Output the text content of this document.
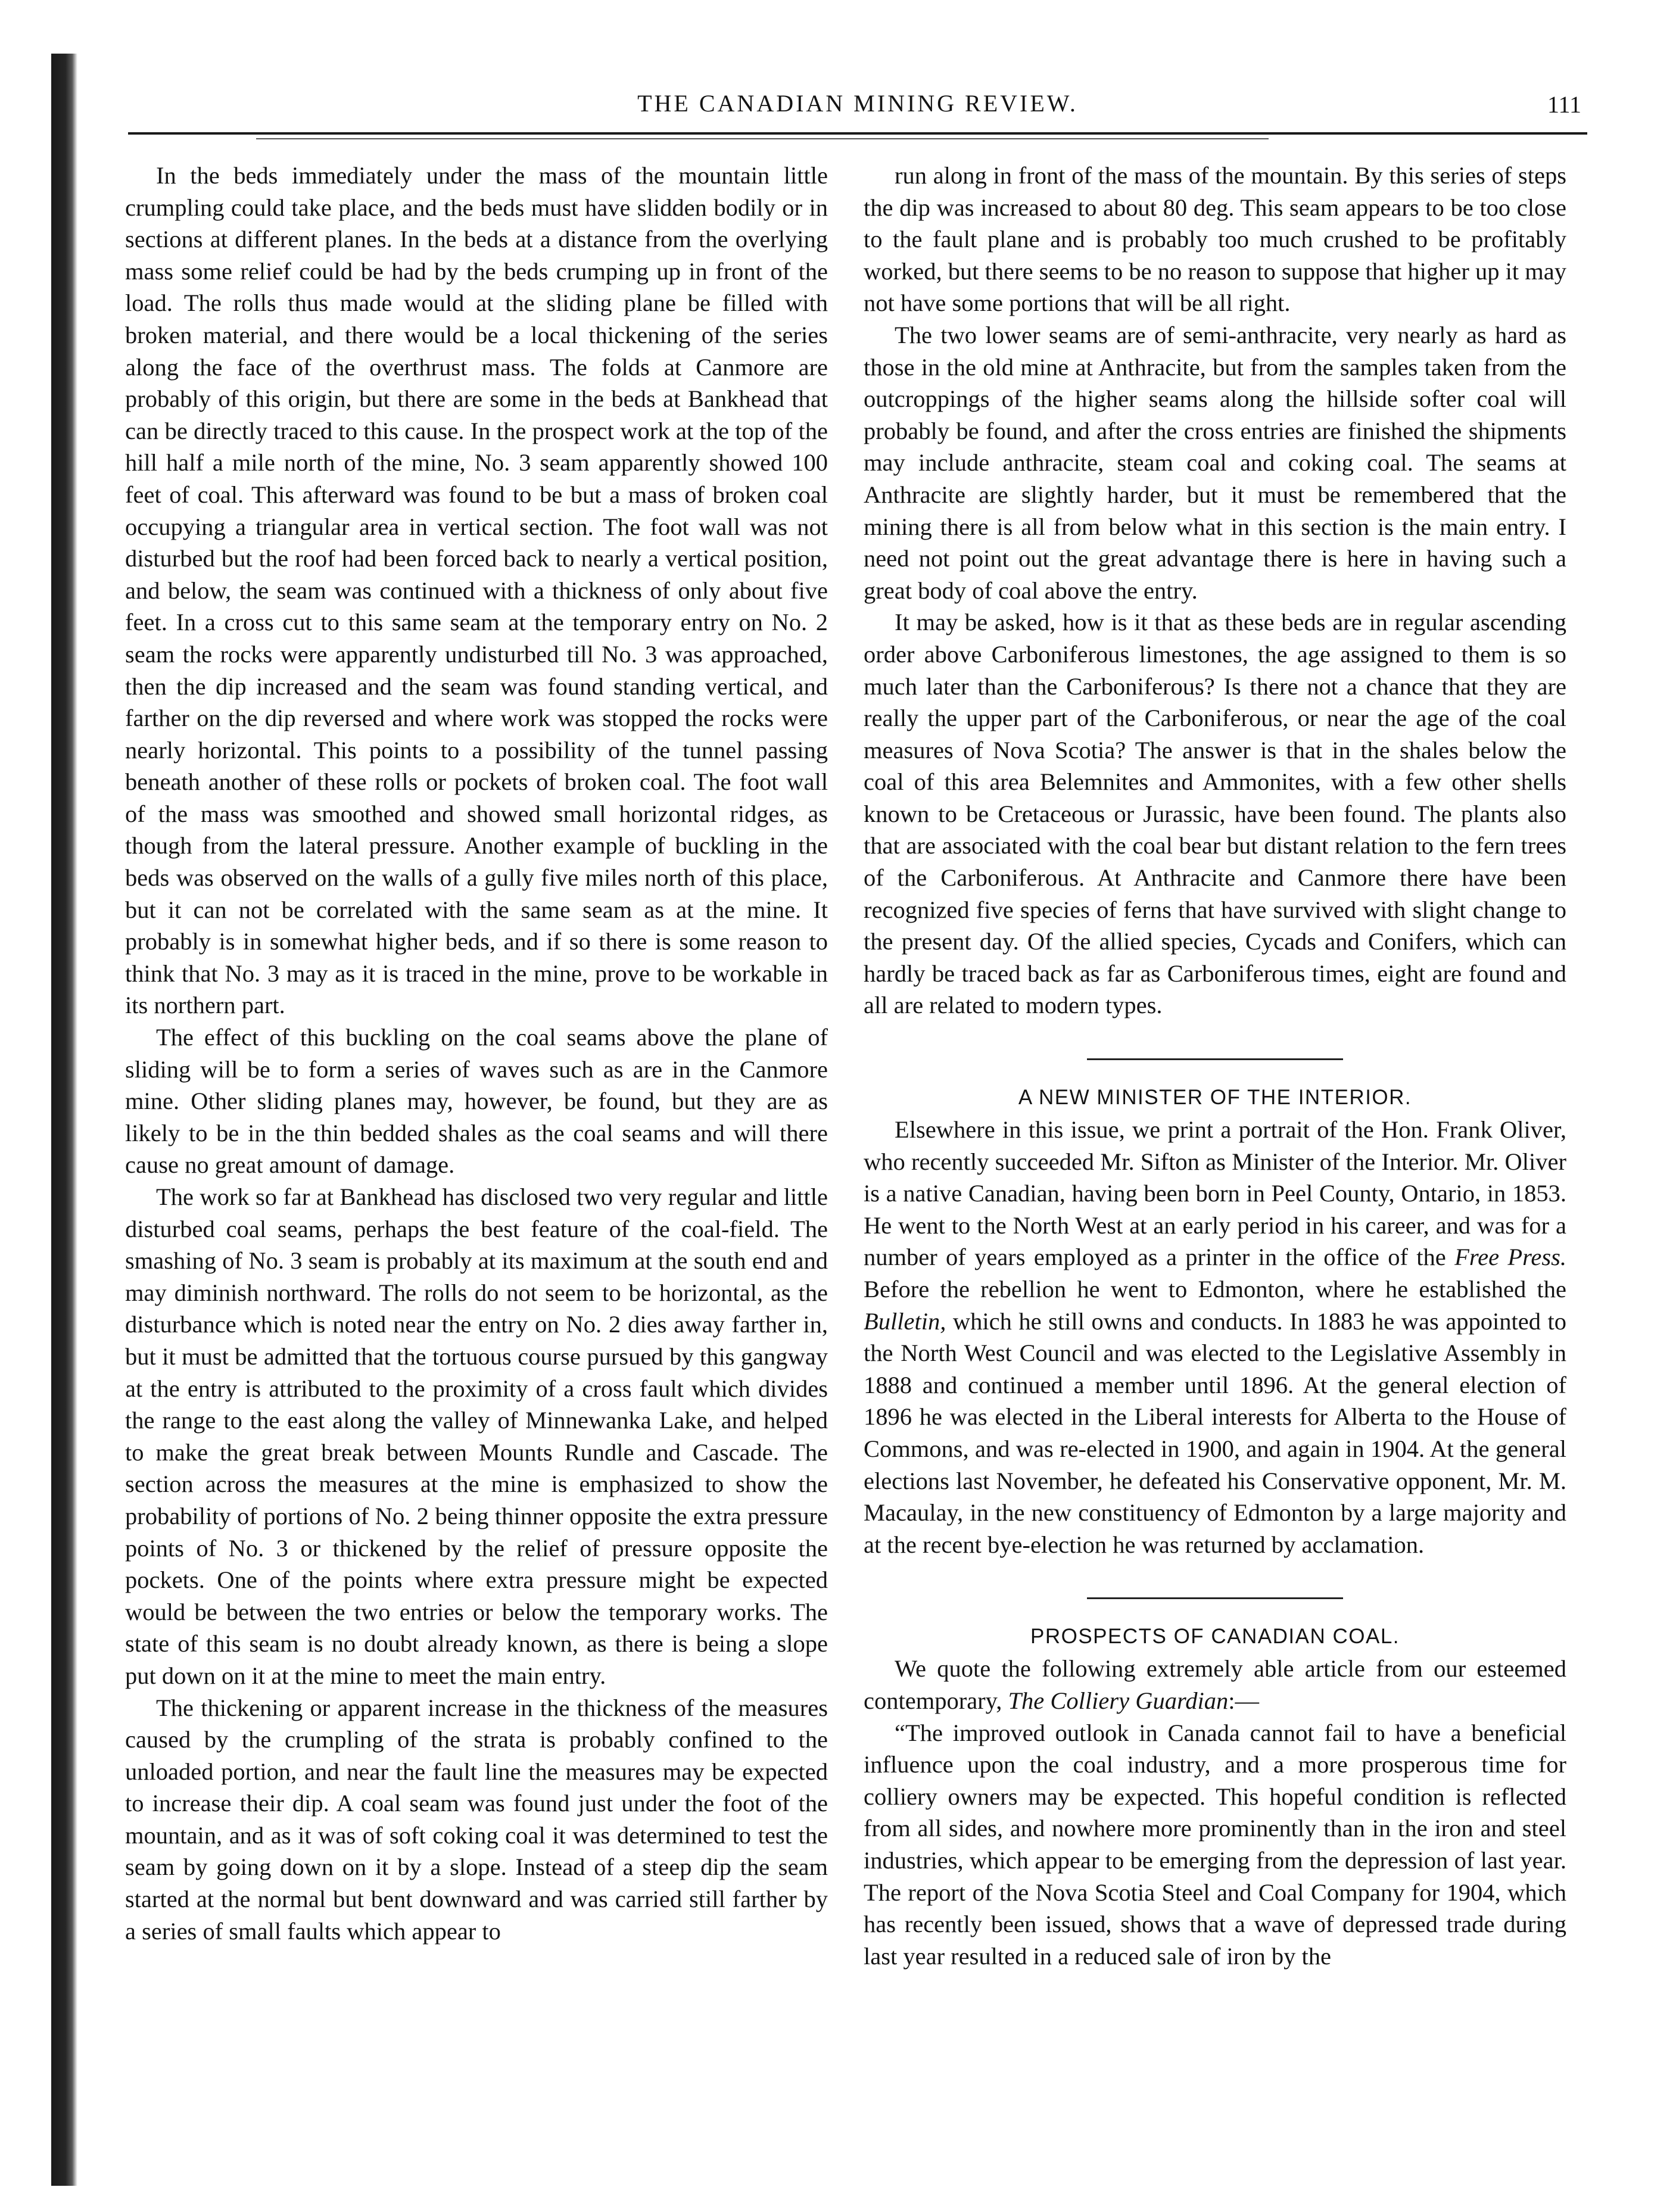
THE CANADIAN MINING REVIEW.	111

In the beds immediately under the mass of the mountain little crumpling could take place, and the beds must have slidden bodily or in sections at different planes. In the beds at a distance from the overlying mass some relief could be had by the beds crumping up in front of the load. The rolls thus made would at the sliding plane be filled with broken material, and there would be a local thickening of the series along the face of the overthrust mass. The folds at Canmore are probably of this origin, but there are some in the beds at Bankhead that can be directly traced to this cause. In the prospect work at the top of the hill half a mile north of the mine, No. 3 seam apparently showed 100 feet of coal. This afterward was found to be but a mass of broken coal occupying a triangular area in vertical section. The foot wall was not disturbed but the roof had been forced back to nearly a vertical position, and below, the seam was continued with a thickness of only about five feet. In a cross cut to this same seam at the temporary entry on No. 2 seam the rocks were apparently undisturbed till No. 3 was approached, then the dip increased and the seam was found standing vertical, and farther on the dip reversed and where work was stopped the rocks were nearly horizontal. This points to a possibility of the tunnel passing beneath another of these rolls or pockets of broken coal. The foot wall of the mass was smoothed and showed small horizontal ridges, as though from the lateral pressure. Another example of buckling in the beds was observed on the walls of a gully five miles north of this place, but it can not be correlated with the same seam as at the mine. It probably is in somewhat higher beds, and if so there is some reason to think that No. 3 may as it is traced in the mine, prove to be workable in its northern part.

The effect of this buckling on the coal seams above the plane of sliding will be to form a series of waves such as are in the Canmore mine. Other sliding planes may, however, be found, but they are as likely to be in the thin bedded shales as the coal seams and will there cause no great amount of damage.

The work so far at Bankhead has disclosed two very regular and little disturbed coal seams, perhaps the best feature of the coal-field. The smashing of No. 3 seam is probably at its maximum at the south end and may diminish northward. The rolls do not seem to be horizontal, as the disturbance which is noted near the entry on No. 2 dies away farther in, but it must be admitted that the tortuous course pursued by this gangway at the entry is attributed to the proximity of a cross fault which divides the range to the east along the valley of Minnewanka Lake, and helped to make the great break between Mounts Rundle and Cascade. The section across the measures at the mine is emphasized to show the probability of portions of No. 2 being thinner opposite the extra pressure points of No. 3 or thickened by the relief of pressure opposite the pockets. One of the points where extra pressure might be expected would be between the two entries or below the temporary works. The state of this seam is no doubt already known, as there is being a slope put down on it at the mine to meet the main entry.

The thickening or apparent increase in the thickness of the measures caused by the crumpling of the strata is probably confined to the unloaded portion, and near the fault line the measures may be expected to increase their dip. A coal seam was found just under the foot of the mountain, and as it was of soft coking coal it was determined to test the seam by going down on it by a slope. Instead of a steep dip the seam started at the normal but bent downward and was carried still farther by a series of small faults which appear to

run along in front of the mass of the mountain. By this series of steps the dip was increased to about 80 deg. This seam appears to be too close to the fault plane and is probably too much crushed to be profitably worked, but there seems to be no reason to suppose that higher up it may not have some portions that will be all right.

The two lower seams are of semi-anthracite, very nearly as hard as those in the old mine at Anthracite, but from the samples taken from the outcroppings of the higher seams along the hillside softer coal will probably be found, and after the cross entries are finished the shipments may include anthracite, steam coal and coking coal. The seams at Anthracite are slightly harder, but it must be remembered that the mining there is all from below what in this section is the main entry. I need not point out the great advantage there is here in having such a great body of coal above the entry.

It may be asked, how is it that as these beds are in regular ascending order above Carboniferous limestones, the age assigned to them is so much later than the Carboniferous? Is there not a chance that they are really the upper part of the Carboniferous, or near the age of the coal measures of Nova Scotia? The answer is that in the shales below the coal of this area Belemnites and Ammonites, with a few other shells known to be Cretaceous or Jurassic, have been found. The plants also that are associated with the coal bear but distant relation to the fern trees of the Carboniferous. At Anthracite and Canmore there have been recognized five species of ferns that have survived with slight change to the present day. Of the allied species, Cycads and Conifers, which can hardly be traced back as far as Carboniferous times, eight are found and all are related to modern types.

A NEW MINISTER OF THE INTERIOR.

Elsewhere in this issue, we print a portrait of the Hon. Frank Oliver, who recently succeeded Mr. Sifton as Minister of the Interior. Mr. Oliver is a native Canadian, having been born in Peel County, Ontario, in 1853. He went to the North West at an early period in his career, and was for a number of years employed as a printer in the office of the Free Press. Before the rebellion he went to Edmonton, where he established the Bulletin, which he still owns and conducts. In 1883 he was appointed to the North West Council and was elected to the Legislative Assembly in 1888 and continued a member until 1896. At the general election of 1896 he was elected in the Liberal interests for Alberta to the House of Commons, and was re-elected in 1900, and again in 1904. At the general elections last November, he defeated his Conservative opponent, Mr. M. Macaulay, in the new constituency of Edmonton by a large majority and at the recent bye-election he was returned by acclamation.

PROSPECTS OF CANADIAN COAL.

We quote the following extremely able article from our esteemed contemporary, The Colliery Guardian:—

“The improved outlook in Canada cannot fail to have a beneficial influence upon the coal industry, and a more prosperous time for colliery owners may be expected. This hopeful condition is reflected from all sides, and nowhere more prominently than in the iron and steel industries, which appear to be emerging from the depression of last year. The report of the Nova Scotia Steel and Coal Company for 1904, which has recently been issued, shows that a wave of depressed trade during last year resulted in a reduced sale of iron by the
